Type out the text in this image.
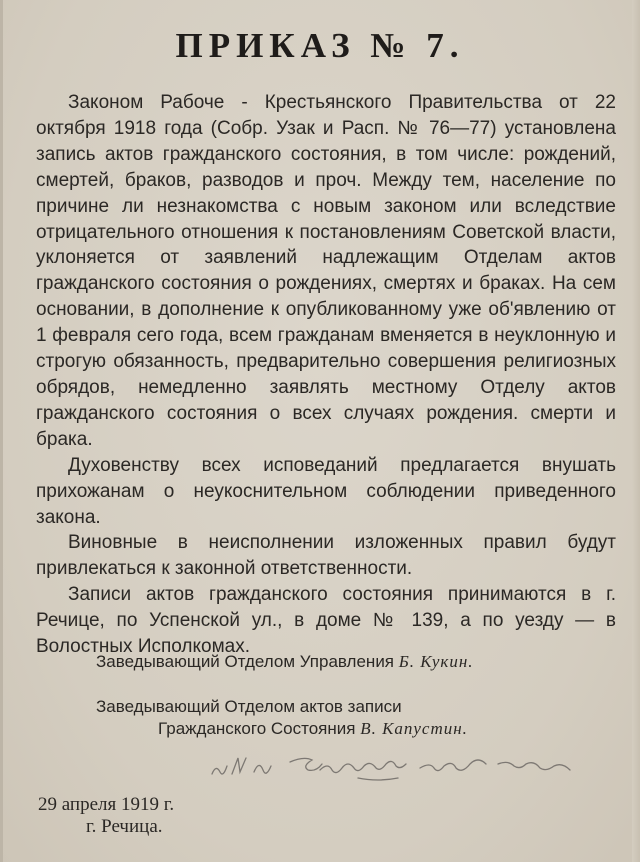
ПРИКАЗ № 7.

Законом Рабоче - Крестьянского Правительства от 22 октября 1918 года (Собр. Узак и Расп. № 76—77) установлена запись актов гражданского состояния, в том числе: рождений, смертей, браков, разводов и проч. Между тем, население по причине ли незнакомства с новым законом или вследствие отрицательного отношения к постановлениям Советской власти, уклоняется от заявлений надлежащим Отделам актов гражданского состояния о рождениях, смертях и браках. На сем основании, в дополнение к опубликованному уже об'явлению от 1 февраля сего года, всем гражданам вменяется в неуклонную и строгую обязанность, предварительно совершения религиозных обрядов, немедленно заявлять местному Отделу актов гражданского состояния о всех случаях рождения. смерти и брака.

Духовенству всех исповеданий предлагается внушать прихожанам о неукоснительном соблюдении приведенного закона.

Виновные в неисполнении изложенных правил будут привлекаться к законной ответственности.

Записи актов гражданского состояния принимаются в г. Речице, по Успенской ул., в доме № 139, а по уезду — в Волостных Исполкомах.

Заведывающий Отделом Управления Б. Кукин.
Заведывающий Отделом актов записи
Гражданского Состояния В. Капустин.
29 апреля 1919 г.
г. Речица.
